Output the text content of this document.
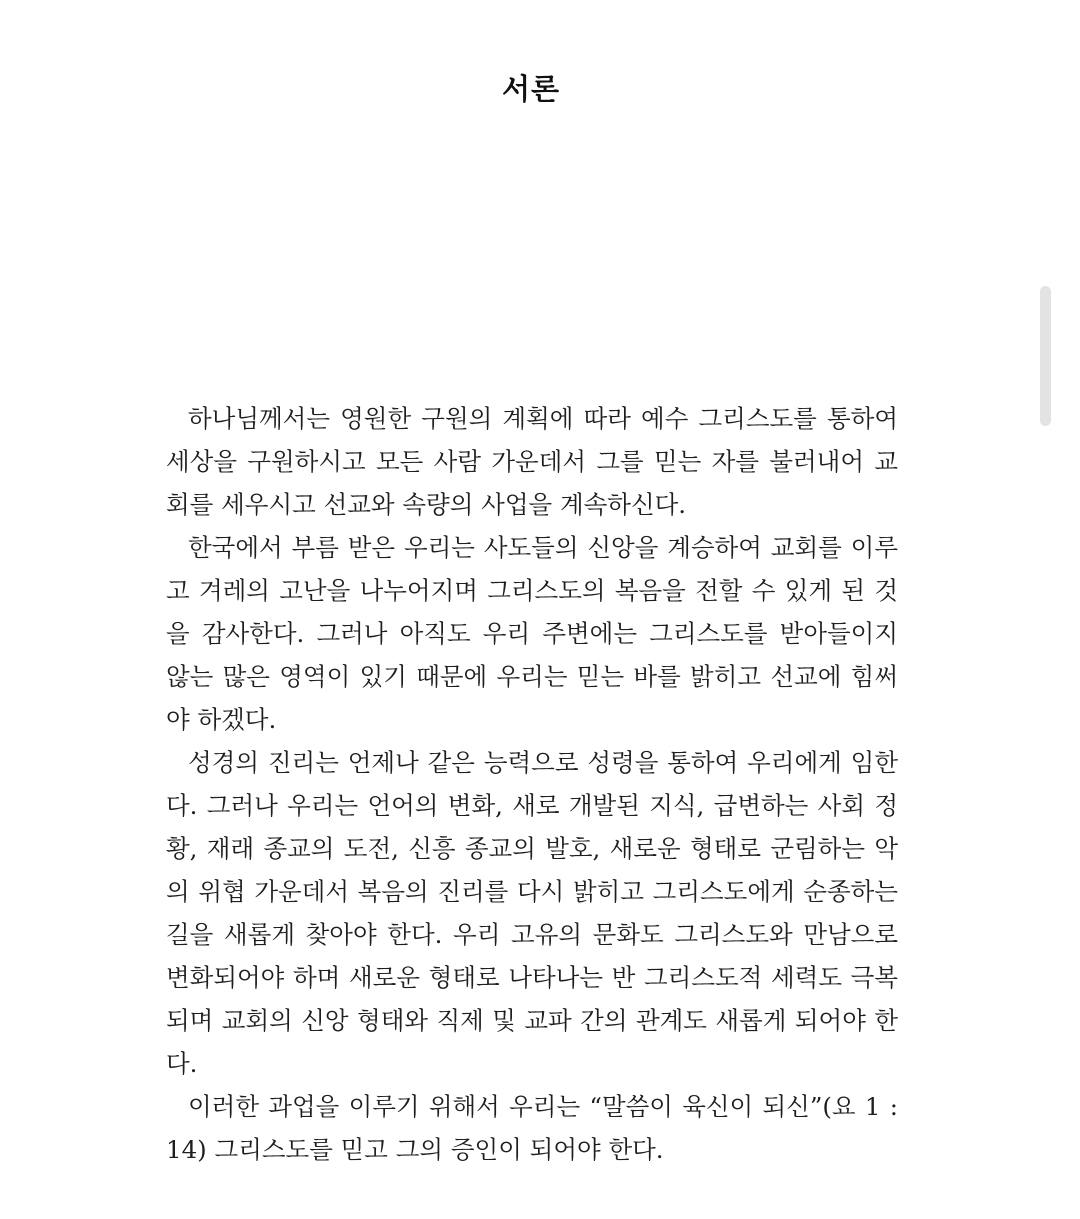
서론

하나님께서는 영원한 구원의 계획에 따라 예수 그리스도를 통하여 세상을 구원하시고 모든 사람 가운데서 그를 믿는 자를 불러내어 교회를 세우시고 선교와 속량의 사업을 계속하신다.

한국에서 부름 받은 우리는 사도들의 신앙을 계승하여 교회를 이루고 겨레의 고난을 나누어지며 그리스도의 복음을 전할 수 있게 된 것을 감사한다. 그러나 아직도 우리 주변에는 그리스도를 받아들이지 않는 많은 영역이 있기 때문에 우리는 믿는 바를 밝히고 선교에 힘써야 하겠다.

성경의 진리는 언제나 같은 능력으로 성령을 통하여 우리에게 임한다. 그러나 우리는 언어의 변화, 새로 개발된 지식, 급변하는 사회 정황, 재래 종교의 도전, 신흥 종교의 발호, 새로운 형태로 군림하는 악의 위협 가운데서 복음의 진리를 다시 밝히고 그리스도에게 순종하는 길을 새롭게 찾아야 한다. 우리 고유의 문화도 그리스도와 만남으로 변화되어야 하며 새로운 형태로 나타나는 반 그리스도적 세력도 극복되며 교회의 신앙 형태와 직제 및 교파 간의 관계도 새롭게 되어야 한다.

이러한 과업을 이루기 위해서 우리는 “말씀이 육신이 되신”(요 1 : 14) 그리스도를 믿고 그의 증인이 되어야 한다.
